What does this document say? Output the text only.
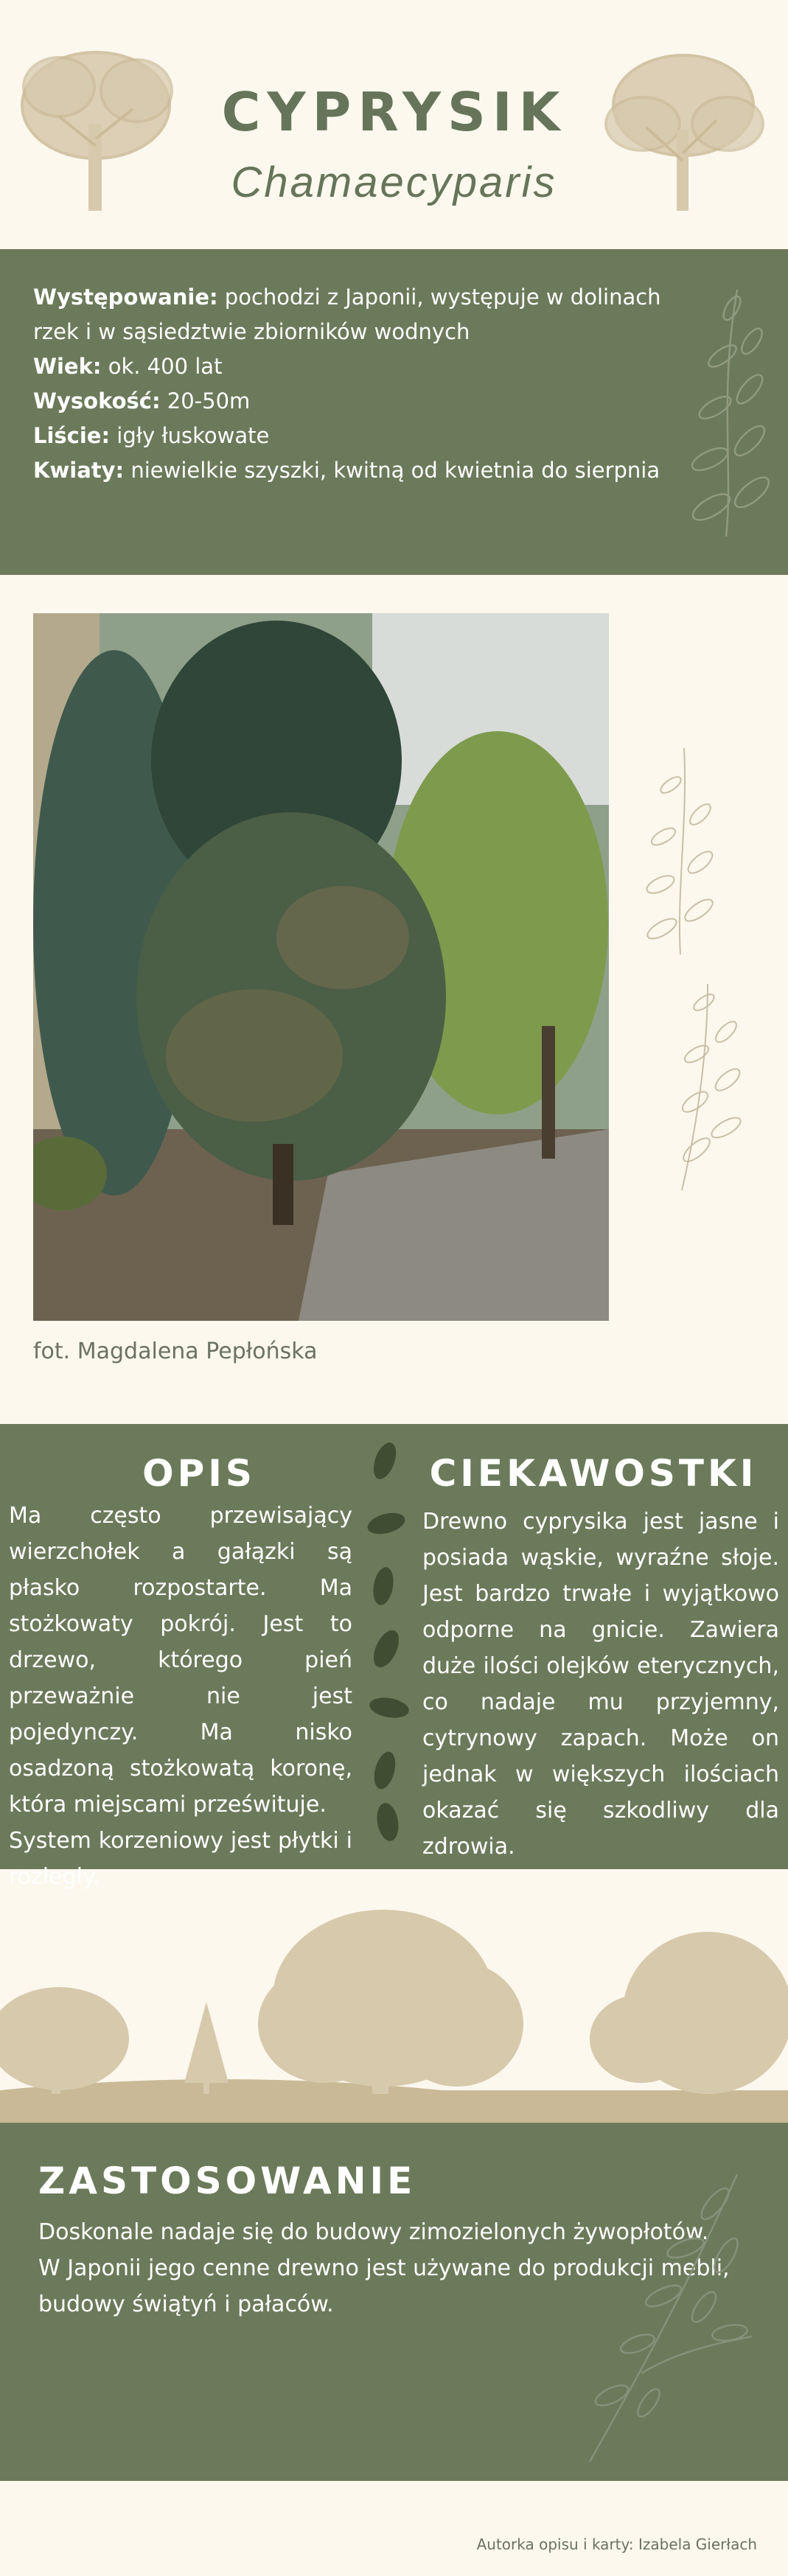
CYPRYSIK
Chamaecyparis
Występowanie: pochodzi z Japonii, występuje w dolinach
rzek i w sąsiedztwie zbiorników wodnych
Wiek: ok. 400 lat
Wysokość: 20-50m
Liście: igły łuskowate
Kwiaty: niewielkie szyszki, kwitną od kwietnia do sierpnia
fot. Magdalena Pepłońska
OPIS
Ma często przewisający wierzchołek a gałązki są płasko rozpostarte. Ma stożkowaty pokrój. Jest to drzewo, którego pień przeważnie nie jest pojedynczy. Ma nisko osadzoną stożkowatą koronę, która miejscami prześwituje.
System korzeniowy jest płytki i rozległy.
CIEKAWOSTKI
Drewno cyprysika jest jasne i posiada wąskie, wyraźne słoje. Jest bardzo trwałe i wyjątkowo odporne na gnicie. Zawiera duże ilości olejków eterycznych, co nadaje mu przyjemny, cytrynowy zapach. Może on jednak w większych ilościach okazać się szkodliwy dla zdrowia.
ZASTOSOWANIE
Doskonale nadaje się do budowy zimozielonych żywopłotów.
W Japonii jego cenne drewno jest używane do produkcji mebli,
budowy świątyń i pałaców.
Autorka opisu i karty: Izabela Gierłach
